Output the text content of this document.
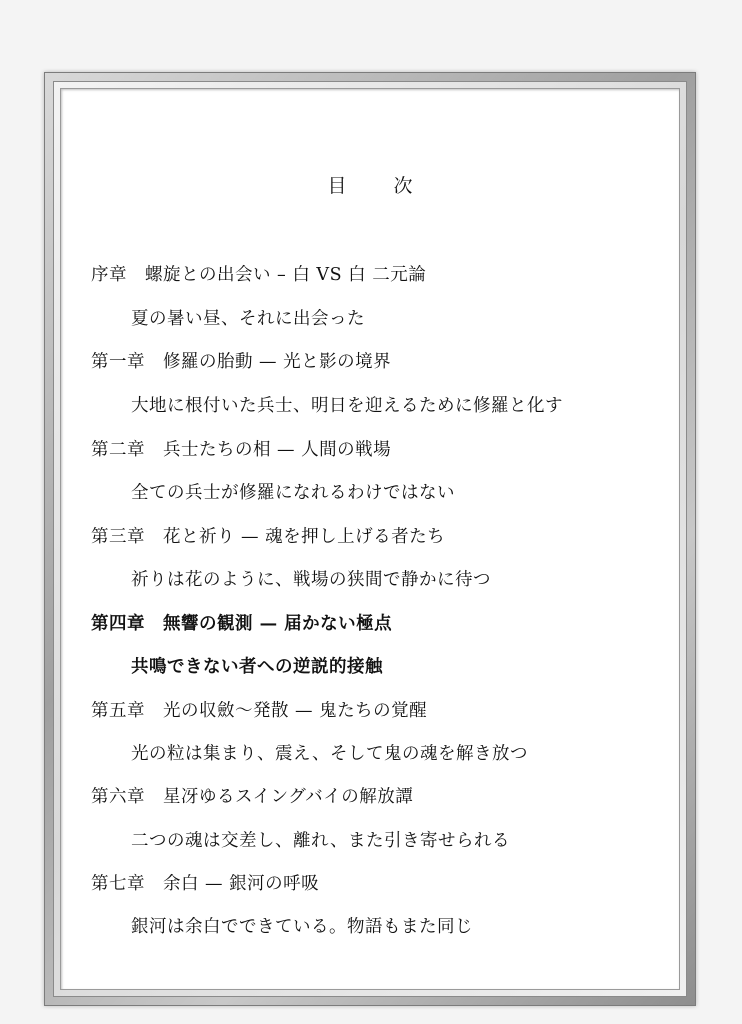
目　次

序章　螺旋との出会い – 白 VS 白 二元論

夏の暑い昼、それに出会った

第一章　修羅の胎動 — 光と影の境界

大地に根付いた兵士、明日を迎えるために修羅と化す

第二章　兵士たちの相 — 人間の戦場

全ての兵士が修羅になれるわけではない

第三章　花と祈り — 魂を押し上げる者たち

祈りは花のように、戦場の狭間で静かに待つ

第四章　無響の観測 — 届かない極点

共鳴できない者への逆説的接触

第五章　光の収斂〜発散 — 鬼たちの覚醒

光の粒は集まり、震え、そして鬼の魂を解き放つ

第六章　星冴ゆるスイングバイの解放譚

二つの魂は交差し、離れ、また引き寄せられる

第七章　余白 — 銀河の呼吸

銀河は余白でできている。物語もまた同じ
